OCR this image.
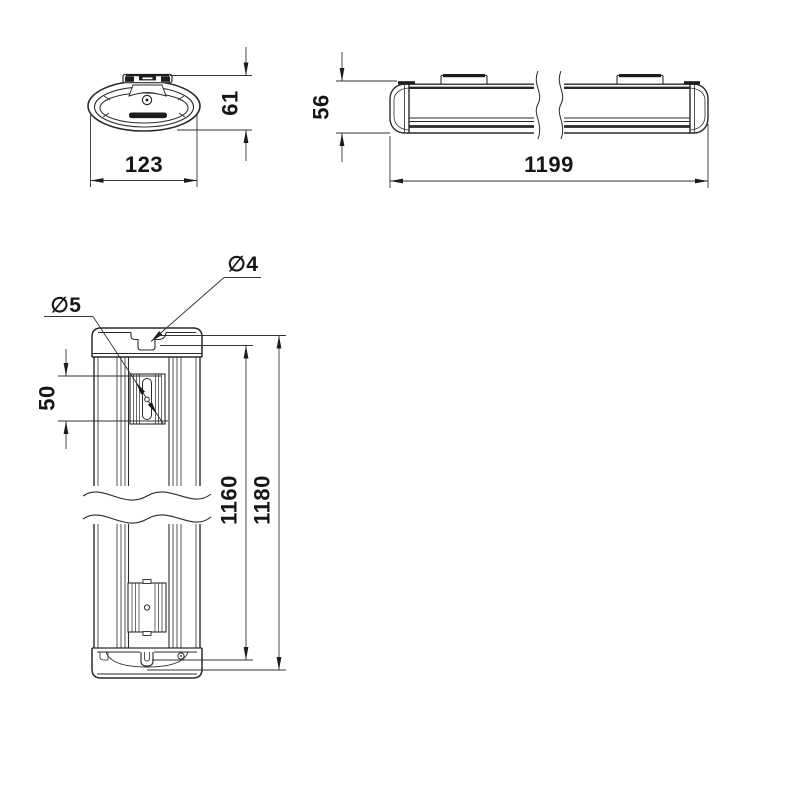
123
61	56
1199
∅5
∅4
50
1160 1180
